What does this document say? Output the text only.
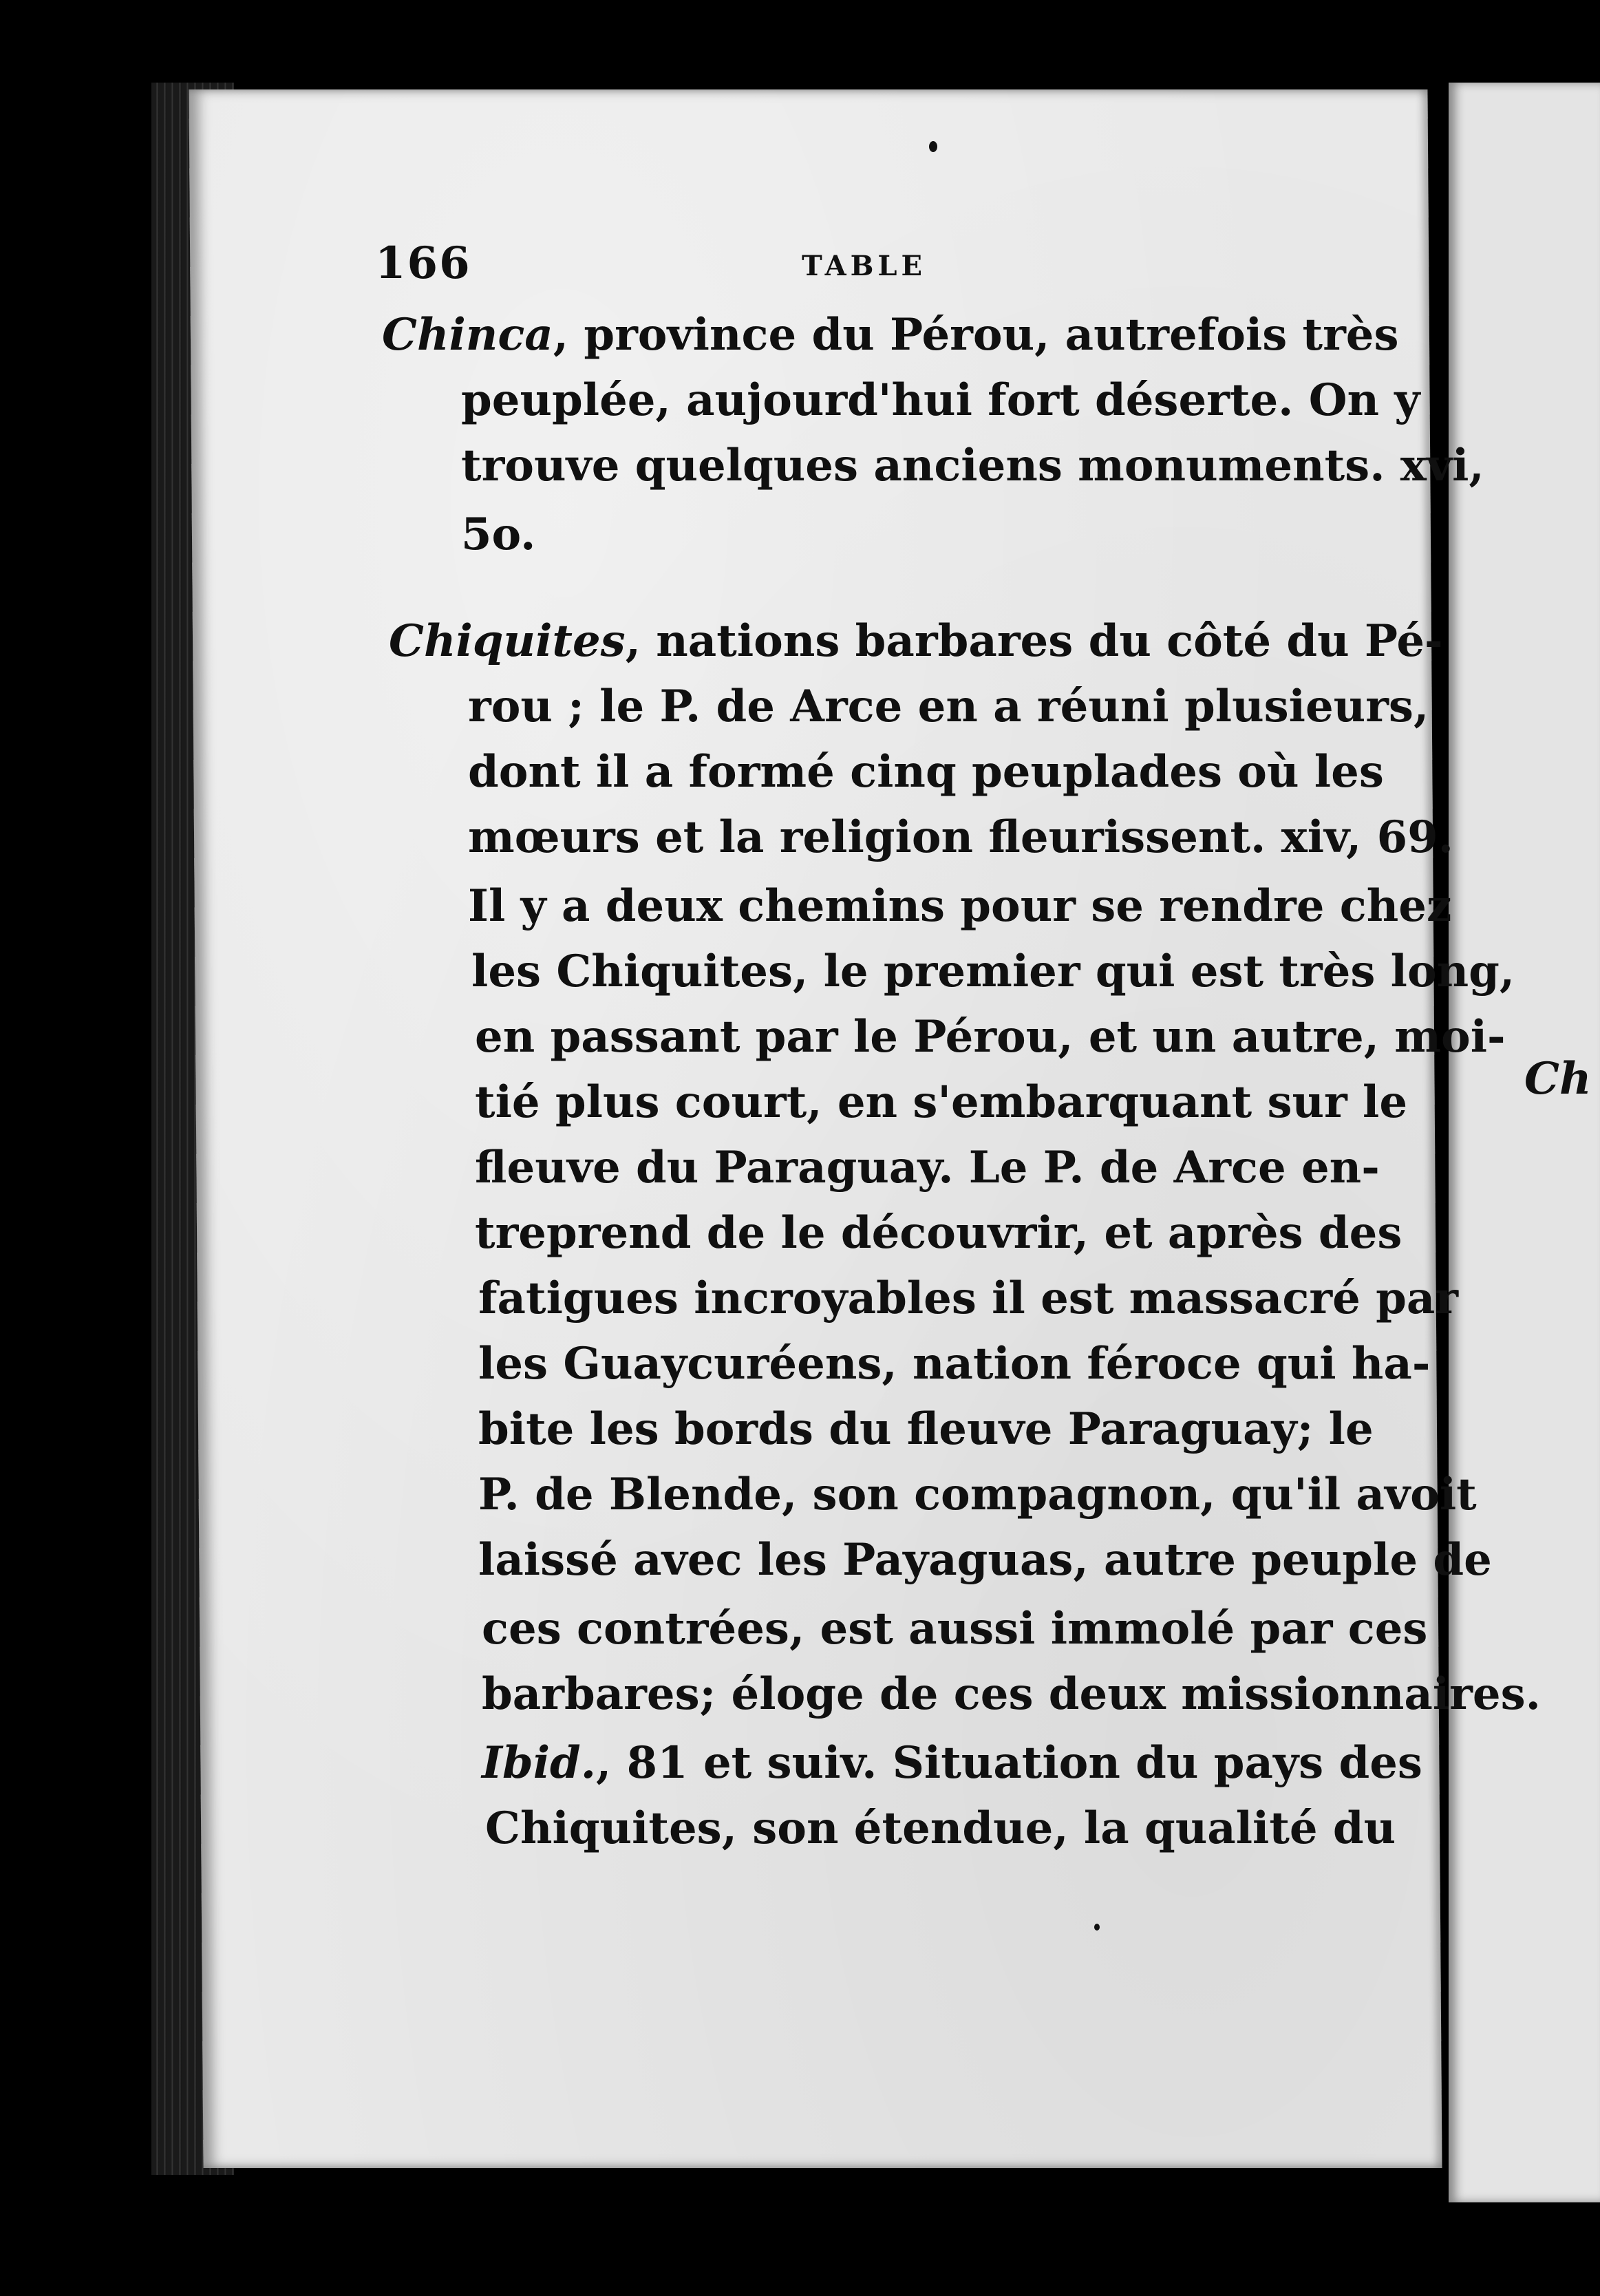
Ch
166	TABLE
Chinca, province du Pérou, autrefois très
peuplée, aujourd'hui fort déserte. On y
trouve quelques anciens monuments. xvi,
5o.
Chiquites, nations barbares du côté du Pé-
rou ; le P. de Arce en a réuni plusieurs,
dont il a formé cinq peuplades où les
mœurs et la religion fleurissent. xiv, 69.
Il y a deux chemins pour se rendre chez
les Chiquites, le premier qui est très long,
en passant par le Pérou, et un autre, moi-
tié plus court, en s'embarquant sur le
fleuve du Paraguay. Le P. de Arce en-
treprend de le découvrir, et après des
fatigues incroyables il est massacré par
les Guaycuréens, nation féroce qui ha-
bite les bords du fleuve Paraguay; le
P. de Blende, son compagnon, qu'il avoit
laissé avec les Payaguas, autre peuple de
ces contrées, est aussi immolé par ces
barbares; éloge de ces deux missionnaires.
Ibid., 81 et suiv. Situation du pays des
Chiquites, son étendue, la qualité du
